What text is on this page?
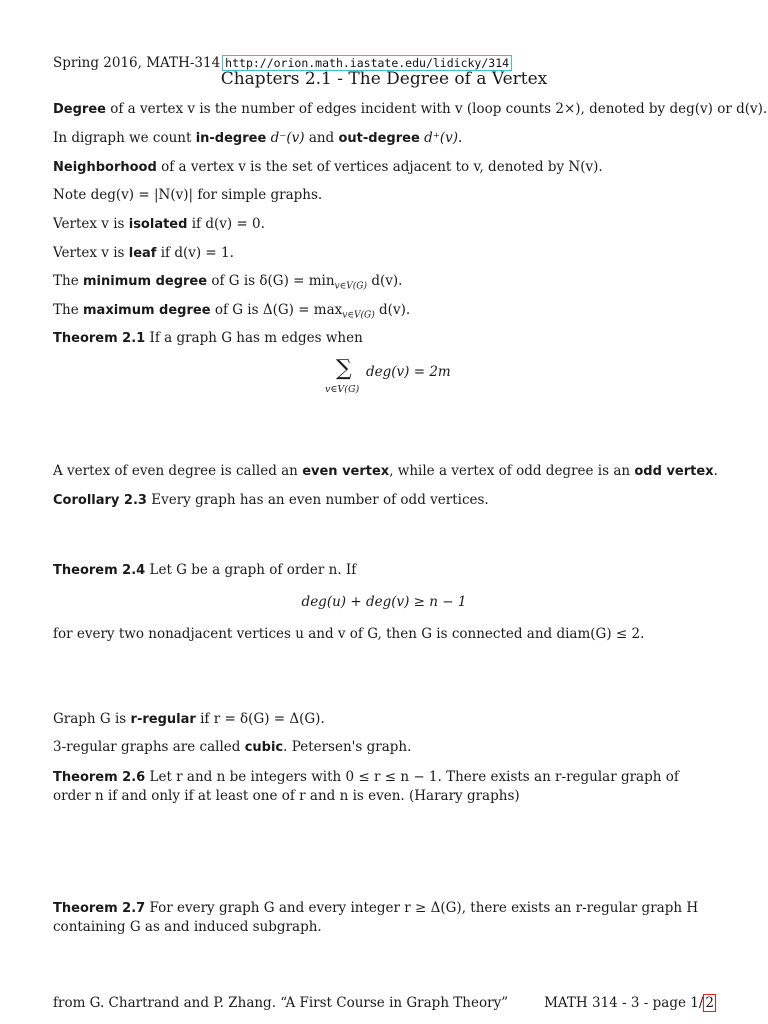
Spring 2016, MATH-314 http://orion.math.iastate.edu/lidicky/314
Chapters 2.1 - The Degree of a Vertex
Degree of a vertex v is the number of edges incident with v (loop counts 2×), denoted by deg(v) or d(v).
In digraph we count in-degree d⁻(v) and out-degree d⁺(v).
Neighborhood of a vertex v is the set of vertices adjacent to v, denoted by N(v).
Note deg(v) = |N(v)| for simple graphs.
Vertex v is isolated if d(v) = 0.
Vertex v is leaf if d(v) = 1.
The minimum degree of G is $\delta(G) = \min_{v\in V(G)} d(v)$.
The maximum degree of G is $\Delta(G) = \max_{v\in V(G)} d(v)$.
Theorem 2.1 If a graph G has m edges when
∑
v∈V(G)
deg(v) = 2m
A vertex of even degree is called an even vertex, while a vertex of odd degree is an odd vertex.
Corollary 2.3 Every graph has an even number of odd vertices.
Theorem 2.4 Let G be a graph of order n. If
deg(u) + deg(v) ≥ n − 1
for every two nonadjacent vertices u and v of G, then G is connected and diam(G) ≤ 2.
Graph G is r-regular if r = δ(G) = Δ(G).
3-regular graphs are called cubic. Petersen's graph.
Theorem 2.6 Let r and n be integers with 0 ≤ r ≤ n − 1. There exists an r-regular graph of order n if and only if at least one of r and n is even. (Harary graphs)
Theorem 2.7 For every graph G and every integer r ≥ Δ(G), there exists an r-regular graph H containing G as and induced subgraph.
from G. Chartrand and P. Zhang. “A First Course in Graph Theory”	MATH 314 - 3 - page 1/ 2
